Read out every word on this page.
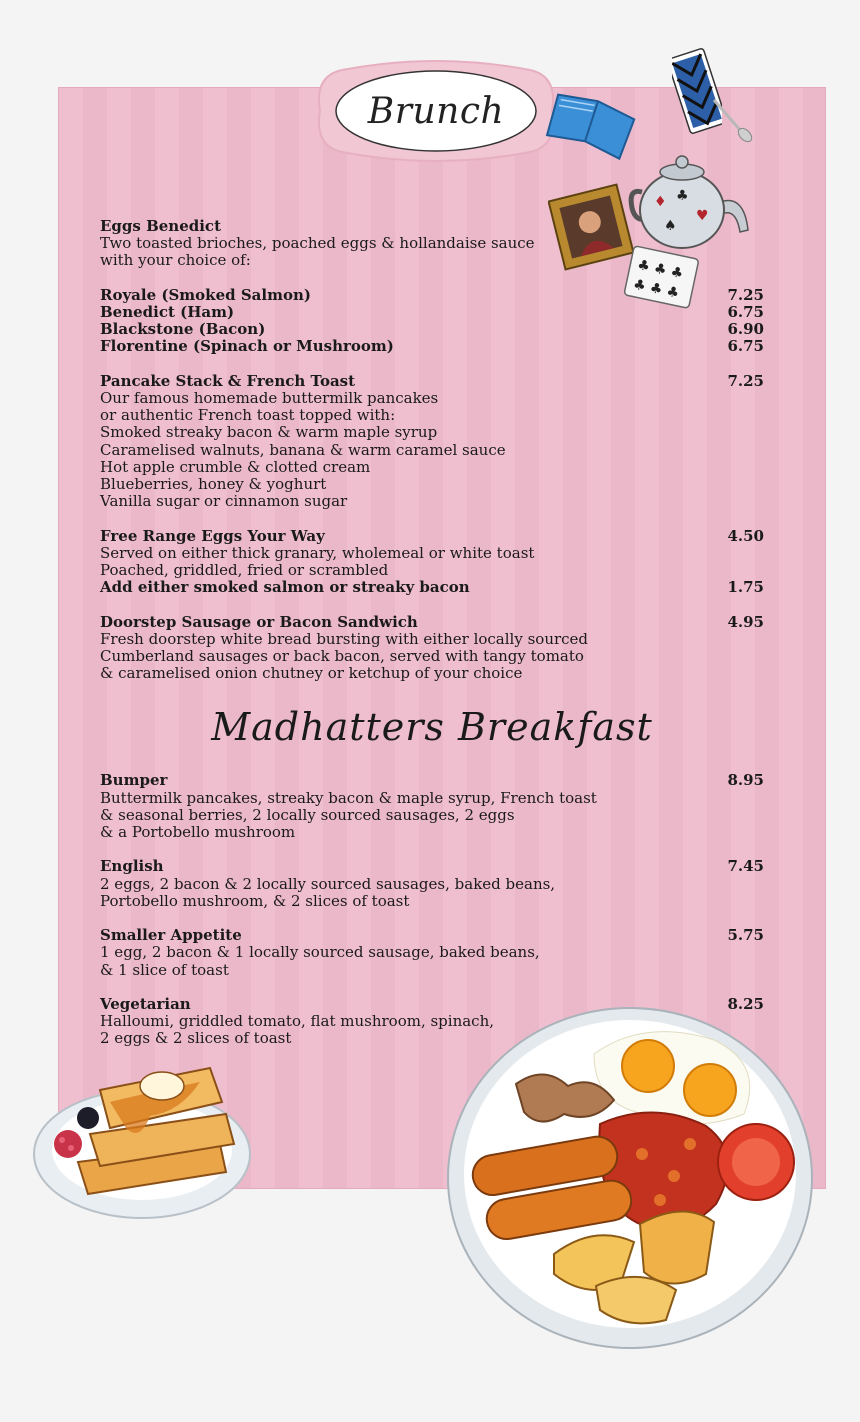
Brunch
♦ ♣
♥
♠
♣ ♣ ♣
♣ ♣ ♣
Eggs Benedict
Two toasted brioches, poached eggs & hollandaise sauce
with your choice of:
Royale (Smoked Salmon)	7.25
Benedict (Ham)	6.75
Blackstone (Bacon)	6.90
Florentine (Spinach or Mushroom)	6.75
Pancake Stack & French Toast	7.25
Our famous homemade buttermilk pancakes
or authentic French toast topped with:
Smoked streaky bacon & warm maple syrup
Caramelised walnuts, banana & warm caramel sauce
Hot apple crumble & clotted cream
Blueberries, honey & yoghurt
Vanilla sugar or cinnamon sugar
Free Range Eggs Your Way	4.50
Served on either thick granary, wholemeal or white toast
Poached, griddled, fried or scrambled
Add either smoked salmon or streaky bacon	1.75
Doorstep Sausage or Bacon Sandwich	4.95
Fresh doorstep white bread bursting with either locally sourced
Cumberland sausages or back bacon, served with tangy tomato
& caramelised onion chutney or ketchup of your choice
Madhatters Breakfast
Bumper	8.95
Buttermilk pancakes, streaky bacon & maple syrup, French toast
& seasonal berries, 2 locally sourced sausages, 2 eggs
& a Portobello mushroom
English	7.45
2 eggs, 2 bacon & 2 locally sourced sausages, baked beans,
Portobello mushroom, & 2 slices of toast
Smaller Appetite	5.75
1 egg, 2 bacon & 1 locally sourced sausage, baked beans,
& 1 slice of toast
Vegetarian	8.25
Halloumi, griddled tomato, flat mushroom, spinach,
2 eggs & 2 slices of toast
